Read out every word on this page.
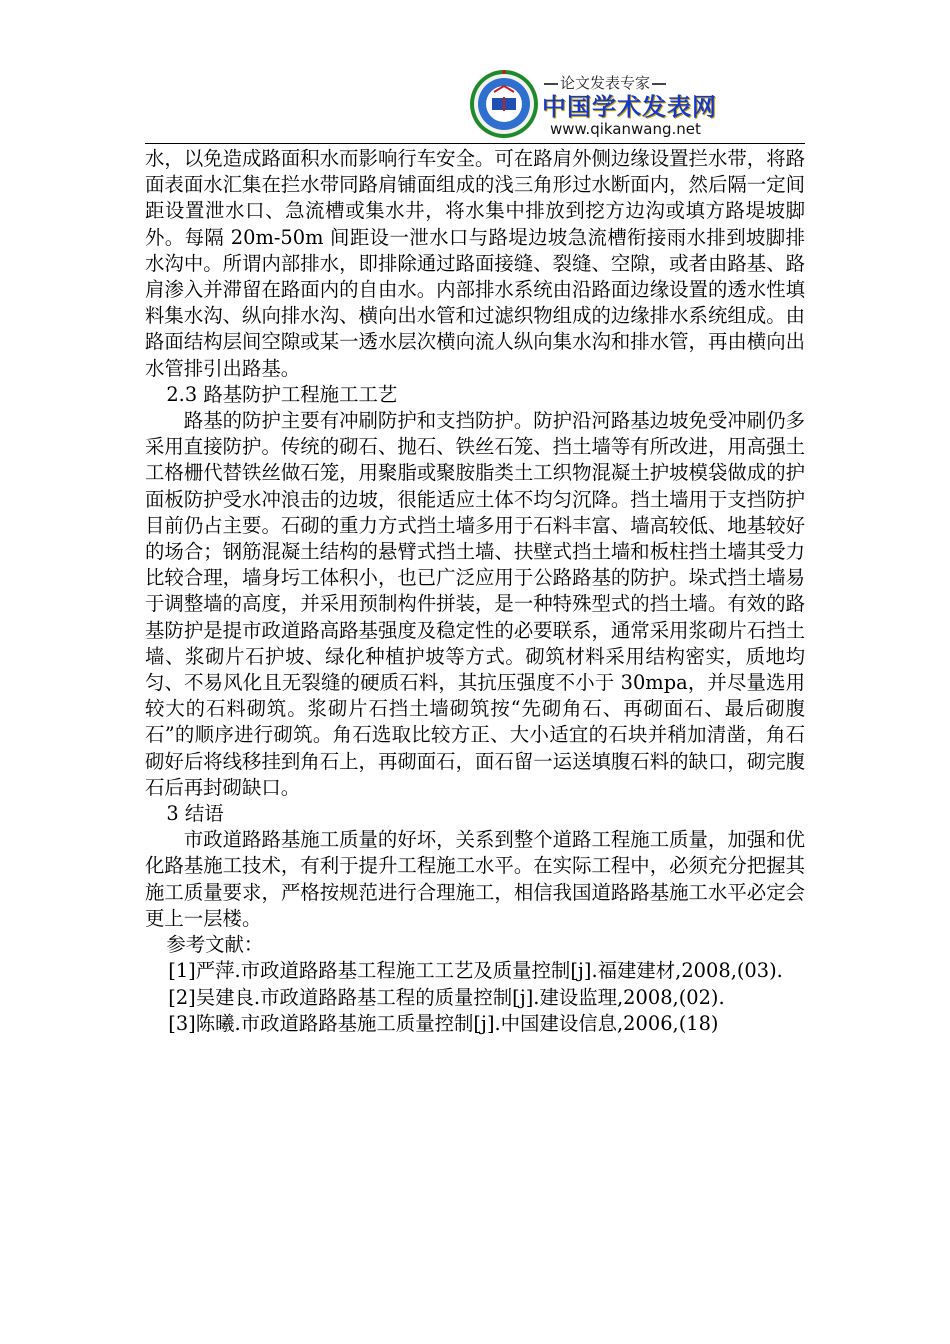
论文发表专家
中国学术发表网
www.qikanwang.net

水，以免造成路面积水而影响行车安全。可在路肩外侧边缘设置拦水带，将路面表面水汇集在拦水带同路肩铺面组成的浅三角形过水断面内，然后隔一定间距设置泄水口、急流槽或集水井，将水集中排放到挖方边沟或填方路堤坡脚外。每隔 20m-50m 间距设一泄水口与路堤边坡急流槽衔接雨水排到坡脚排水沟中。所谓内部排水，即排除通过路面接缝、裂缝、空隙，或者由路基、路肩渗入并滞留在路面内的自由水。内部排水系统由沿路面边缘设置的透水性填料集水沟、纵向排水沟、横向出水管和过滤织物组成的边缘排水系统组成。由路面结构层间空隙或某一透水层次横向流人纵向集水沟和排水管，再由横向出水管排引出路基。

2.3 路基防护工程施工工艺

路基的防护主要有冲刷防护和支挡防护。防护沿河路基边坡免受冲刷仍多采用直接防护。传统的砌石、抛石、铁丝石笼、挡土墙等有所改进，用高强土工格栅代替铁丝做石笼，用聚脂或聚胺脂类土工织物混凝土护坡模袋做成的护面板防护受水冲浪击的边坡，很能适应土体不均匀沉降。挡土墙用于支挡防护目前仍占主要。石砌的重力方式挡土墙多用于石料丰富、墙高较低、地基较好的场合；钢筋混凝土结构的悬臂式挡土墙、扶壁式挡土墙和板柱挡土墙其受力比较合理，墙身圬工体积小，也已广泛应用于公路路基的防护。垛式挡土墙易于调整墙的高度，并采用预制构件拼装，是一种特殊型式的挡土墙。有效的路基防护是提市政道路高路基强度及稳定性的必要联系，通常采用浆砌片石挡土墙、浆砌片石护坡、绿化种植护坡等方式。砌筑材料采用结构密实，质地均匀、不易风化且无裂缝的硬质石料，其抗压强度不小于 30mpa，并尽量选用较大的石料砌筑。浆砌片石挡土墙砌筑按“先砌角石、再砌面石、最后砌腹石”的顺序进行砌筑。角石选取比较方正、大小适宜的石块并稍加清凿，角石砌好后将线移挂到角石上，再砌面石，面石留一运送填腹石料的缺口，砌完腹石后再封砌缺口。

3 结语

市政道路路基施工质量的好坏，关系到整个道路工程施工质量，加强和优化路基施工技术，有利于提升工程施工水平。在实际工程中，必须充分把握其施工质量要求，严格按规范进行合理施工，相信我国道路路基施工水平必定会更上一层楼。

参考文献：

[1]严萍.市政道路路基工程施工工艺及质量控制[j].福建建材,2008,(03).

[2]吴建良.市政道路路基工程的质量控制[j].建设监理,2008,(02).

[3]陈曦.市政道路路基施工质量控制[j].中国建设信息,2006,(18)
